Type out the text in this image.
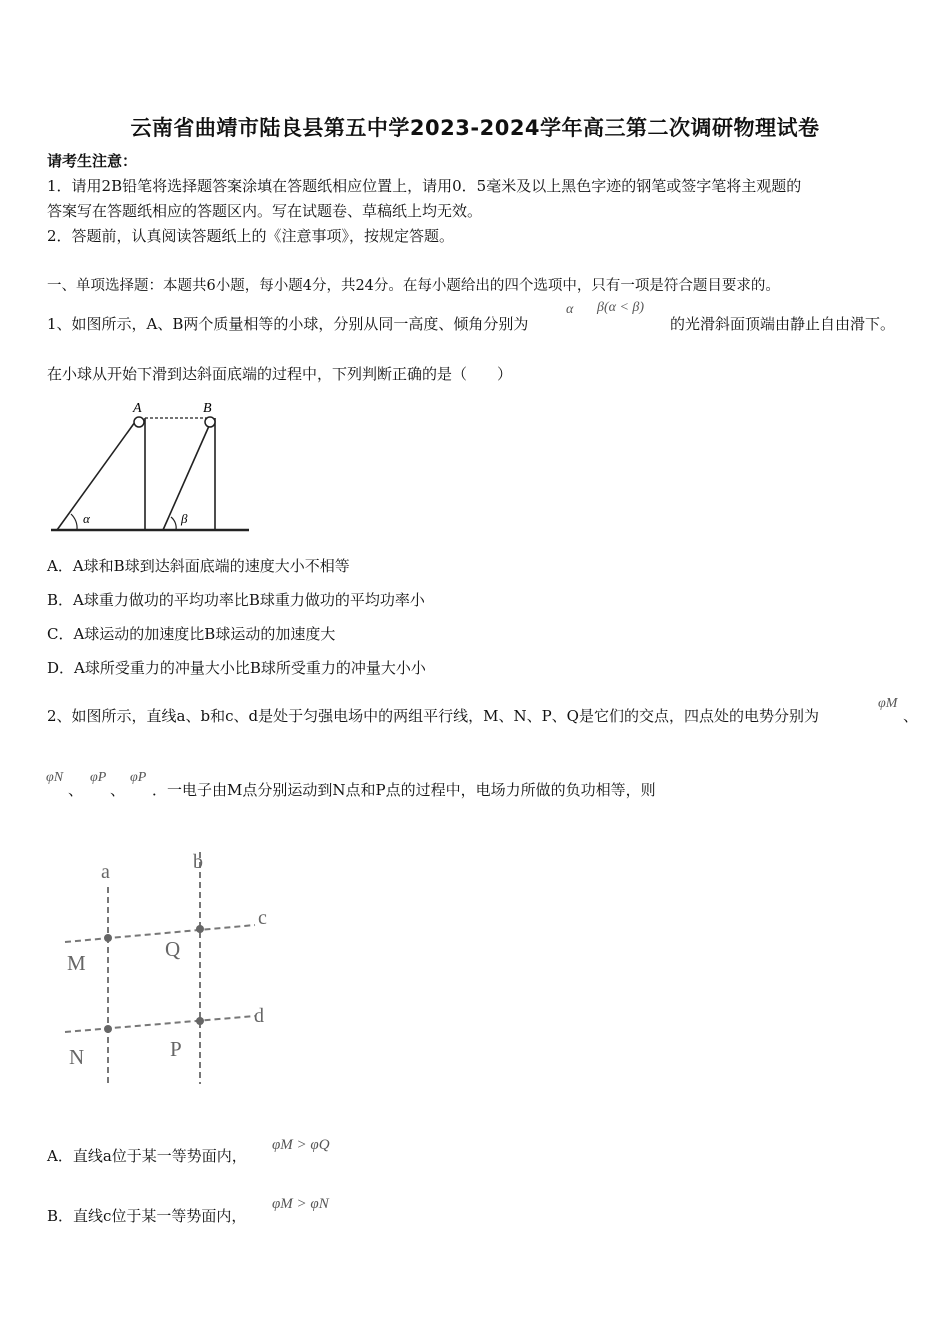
云南省曲靖市陆良县第五中学2023-2024学年高三第二次调研物理试卷
请考生注意：
1．请用2B铅笔将选择题答案涂填在答题纸相应位置上，请用0．5毫米及以上黑色字迹的钢笔或签字笔将主观题的
答案写在答题纸相应的答题区内。写在试题卷、草稿纸上均无效。
2．答题前，认真阅读答题纸上的《注意事项》，按规定答题。
一、单项选择题：本题共6小题，每小题4分，共24分。在每小题给出的四个选项中，只有一项是符合题目要求的。
1、如图所示，A、B两个质量相等的小球，分别从同一高度、倾角分别为
α β(α < β)
的光滑斜面顶端由静止自由滑下。
在小球从开始下滑到达斜面底端的过程中，下列判断正确的是（　　）
A	B
α	β
A．A球和B球到达斜面底端的速度大小不相等
B．A球重力做功的平均功率比B球重力做功的平均功率小
C．A球运动的加速度比B球运动的加速度大
D．A球所受重力的冲量大小比B球所受重力的冲量大小小
2、如图所示，直线a、b和c、d是处于匀强电场中的两组平行线，M、N、P、Q是它们的交点，四点处的电势分别为
φM
、
φN
、
φP
、
φP
．一电子由M点分别运动到N点和P点的过程中，电场力所做的负功相等，则
a	b
c
d
M
Q
N	P
A．直线a位于某一等势面内，
φM > φQ
B．直线c位于某一等势面内，
φM > φN
